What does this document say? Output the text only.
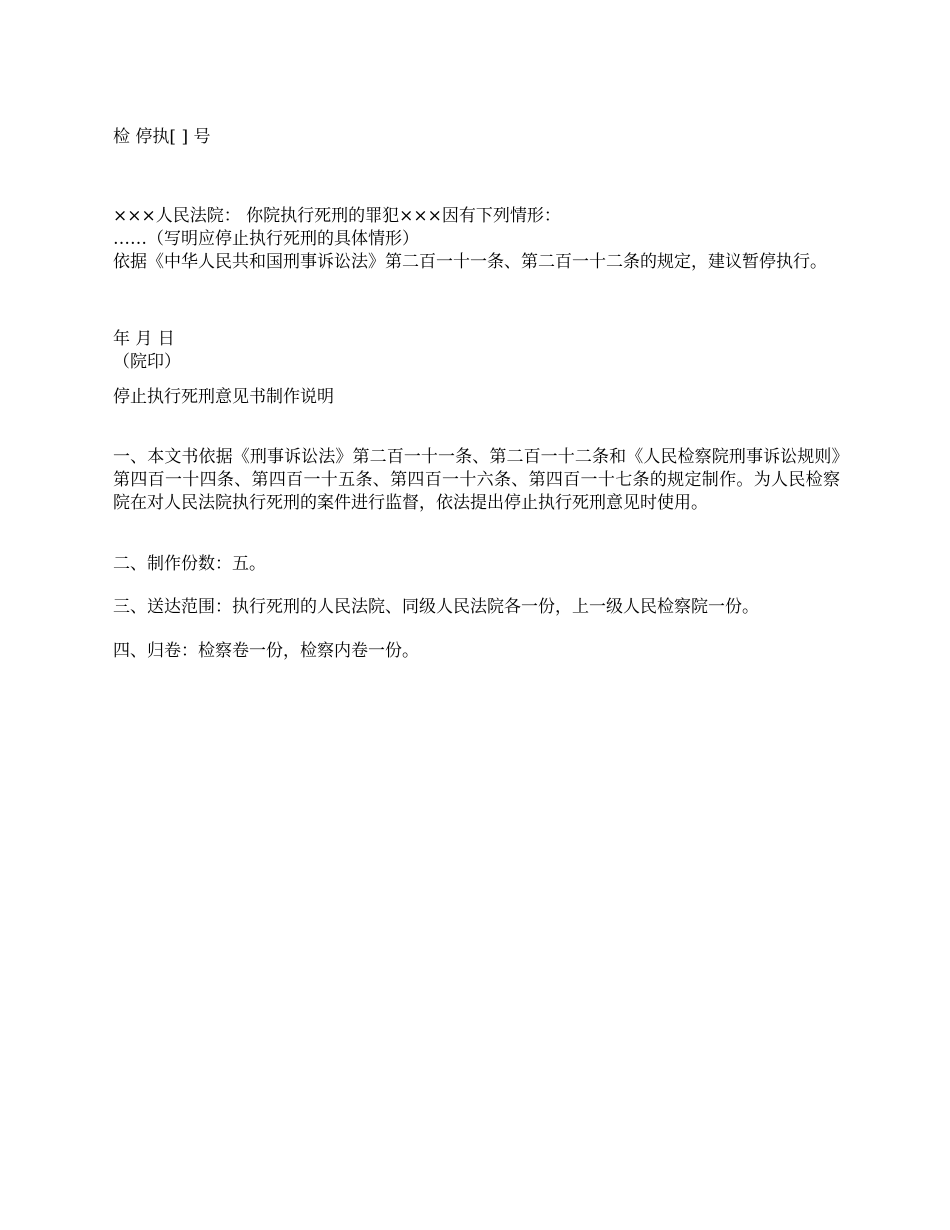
检 停执[ ] 号

×××人民法院： 你院执行死刑的罪犯×××因有下列情形：

……（写明应停止执行死刑的具体情形）

依据《中华人民共和国刑事诉讼法》第二百一十一条、第二百一十二条的规定，建议暂停执行。

年 月 日

（院印）

停止执行死刑意见书制作说明

一、本文书依据《刑事诉讼法》第二百一十一条、第二百一十二条和《人民检察院刑事诉讼规则》第四百一十四条、第四百一十五条、第四百一十六条、第四百一十七条的规定制作。为人民检察院在对人民法院执行死刑的案件进行监督，依法提出停止执行死刑意见时使用。

二、制作份数：五。

三、送达范围：执行死刑的人民法院、同级人民法院各一份，上一级人民检察院一份。

四、归卷：检察卷一份，检察内卷一份。
